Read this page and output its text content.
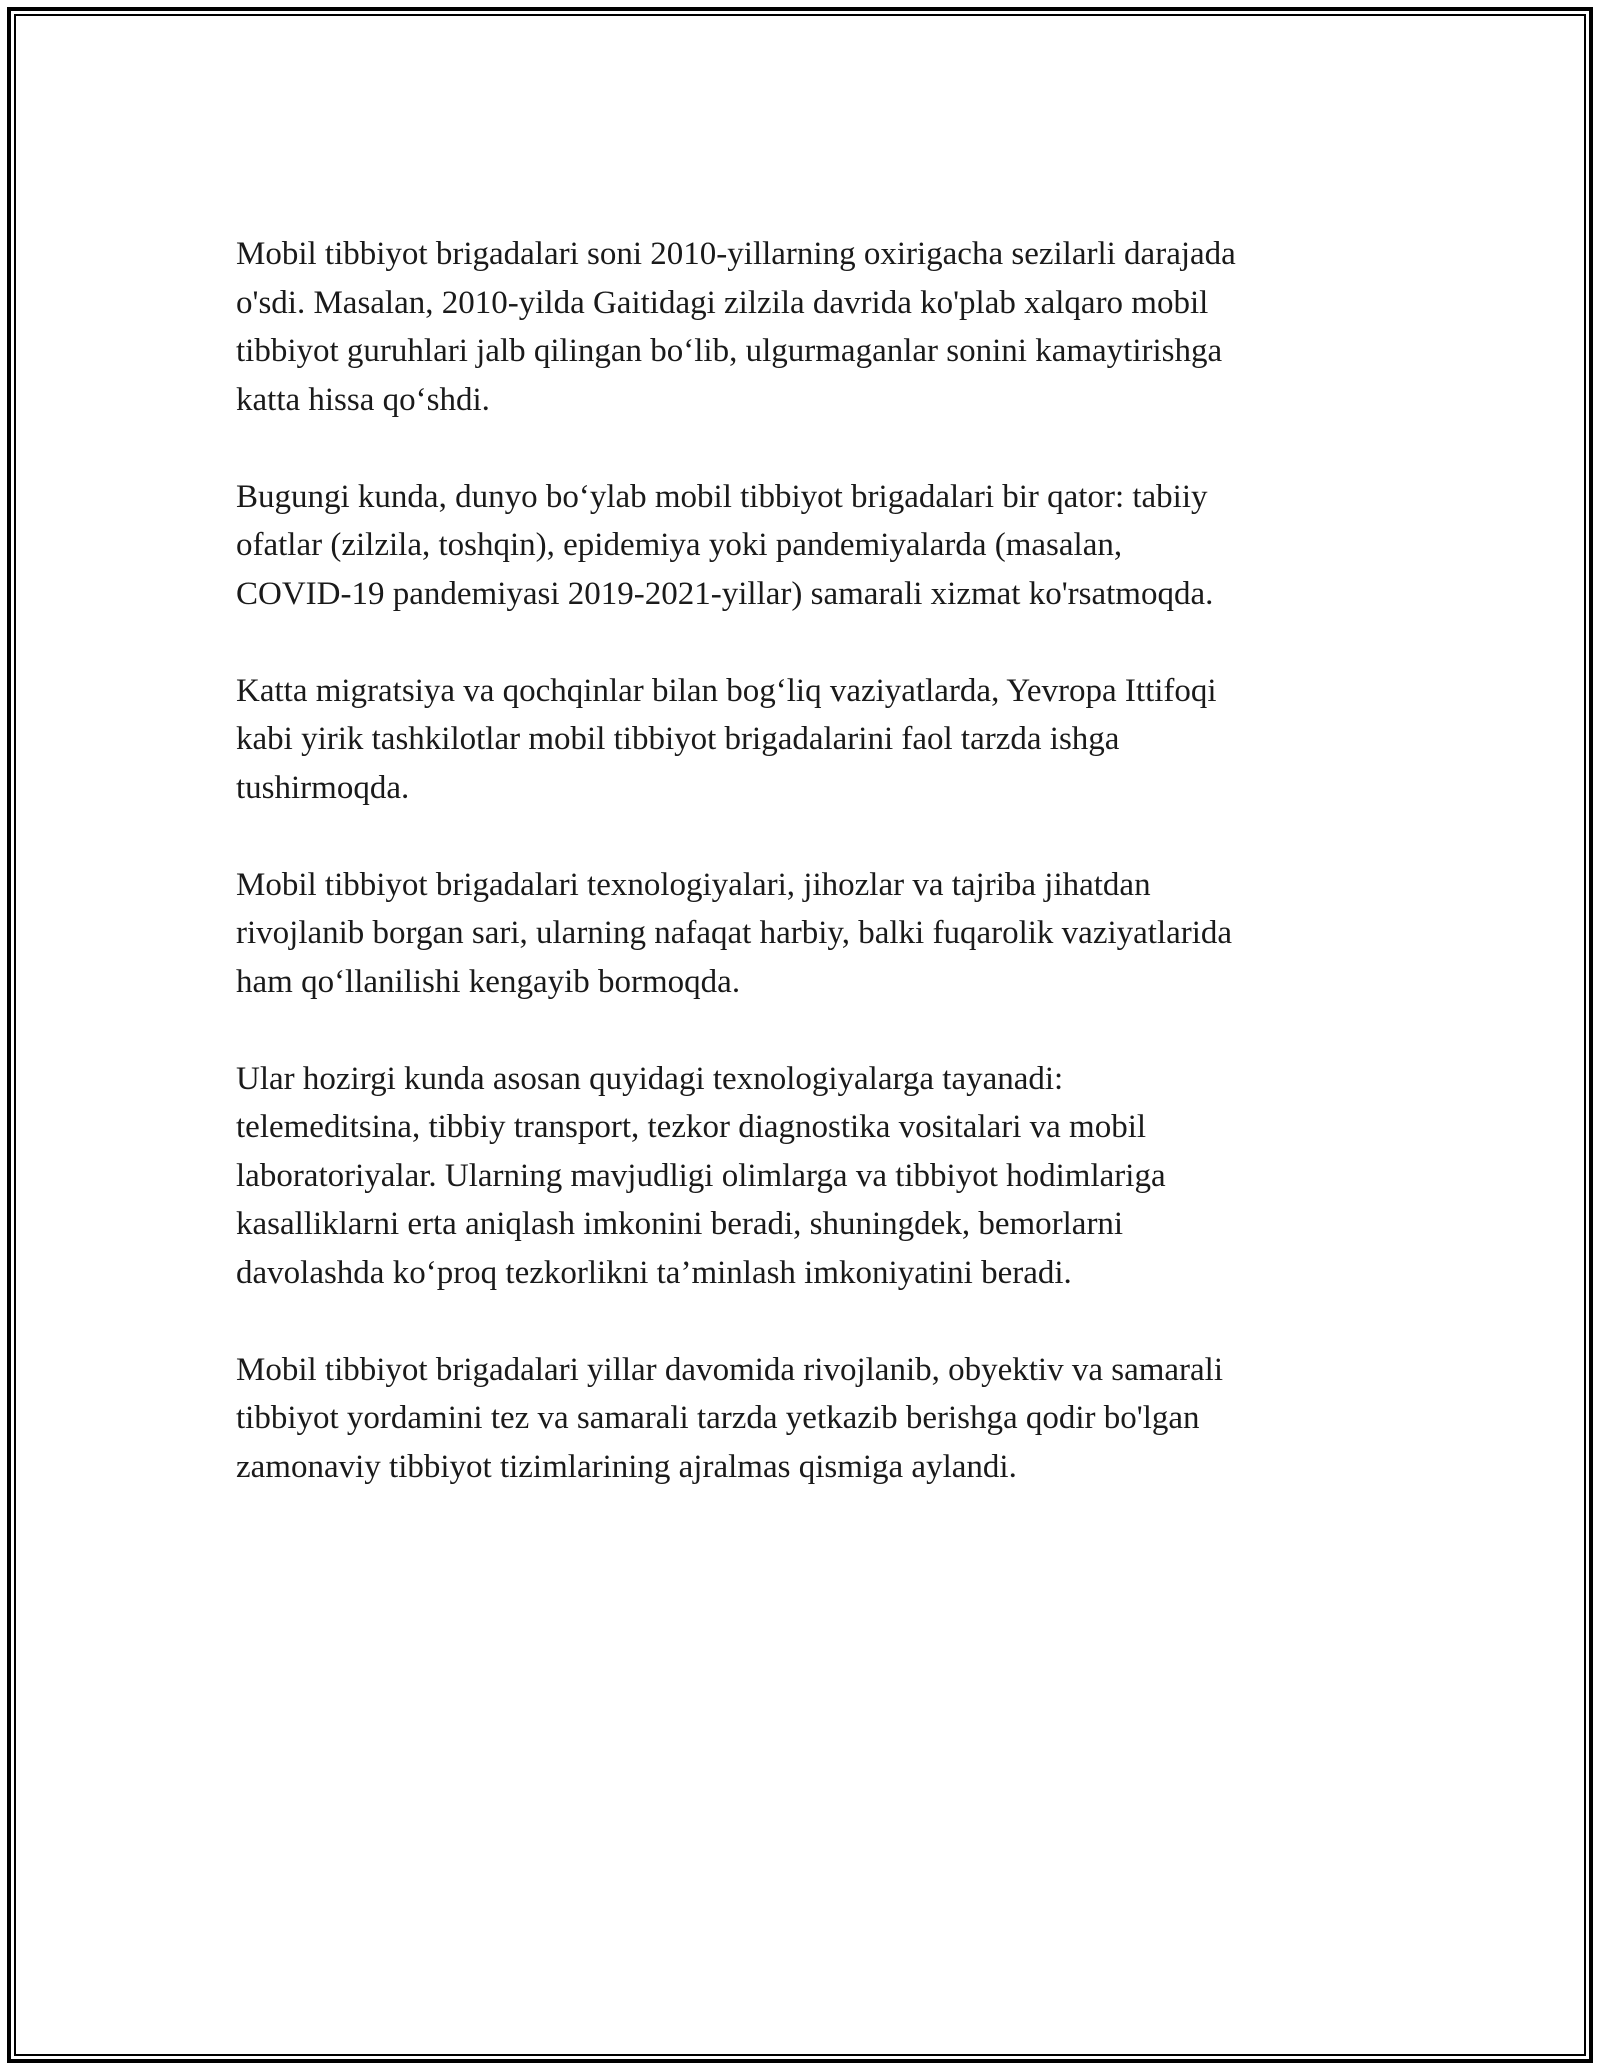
Mobil tibbiyot brigadalari soni 2010-yillarning oxirigacha sezilarli darajada
o'sdi. Masalan, 2010-yilda Gaitidagi zilzila davrida ko'plab xalqaro mobil
tibbiyot guruhlari jalb qilingan bo‘lib, ulgurmaganlar sonini kamaytirishga
katta hissa qo‘shdi.

Bugungi kunda, dunyo bo‘ylab mobil tibbiyot brigadalari bir qator: tabiiy
ofatlar (zilzila, toshqin), epidemiya yoki pandemiyalarda (masalan,
COVID-19 pandemiyasi 2019-2021-yillar) samarali xizmat ko'rsatmoqda.

Katta migratsiya va qochqinlar bilan bog‘liq vaziyatlarda, Yevropa Ittifoqi
kabi yirik tashkilotlar mobil tibbiyot brigadalarini faol tarzda ishga
tushirmoqda.

Mobil tibbiyot brigadalari texnologiyalari, jihozlar va tajriba jihatdan
rivojlanib borgan sari, ularning nafaqat harbiy, balki fuqarolik vaziyatlarida
ham qo‘llanilishi kengayib bormoqda.

Ular hozirgi kunda asosan quyidagi texnologiyalarga tayanadi:
telemeditsina, tibbiy transport, tezkor diagnostika vositalari va mobil
laboratoriyalar. Ularning mavjudligi olimlarga va tibbiyot hodimlariga
kasalliklarni erta aniqlash imkonini beradi, shuningdek, bemorlarni
davolashda ko‘proq tezkorlikni ta’minlash imkoniyatini beradi.

Mobil tibbiyot brigadalari yillar davomida rivojlanib, obyektiv va samarali
tibbiyot yordamini tez va samarali tarzda yetkazib berishga qodir bo'lgan
zamonaviy tibbiyot tizimlarining ajralmas qismiga aylandi.
